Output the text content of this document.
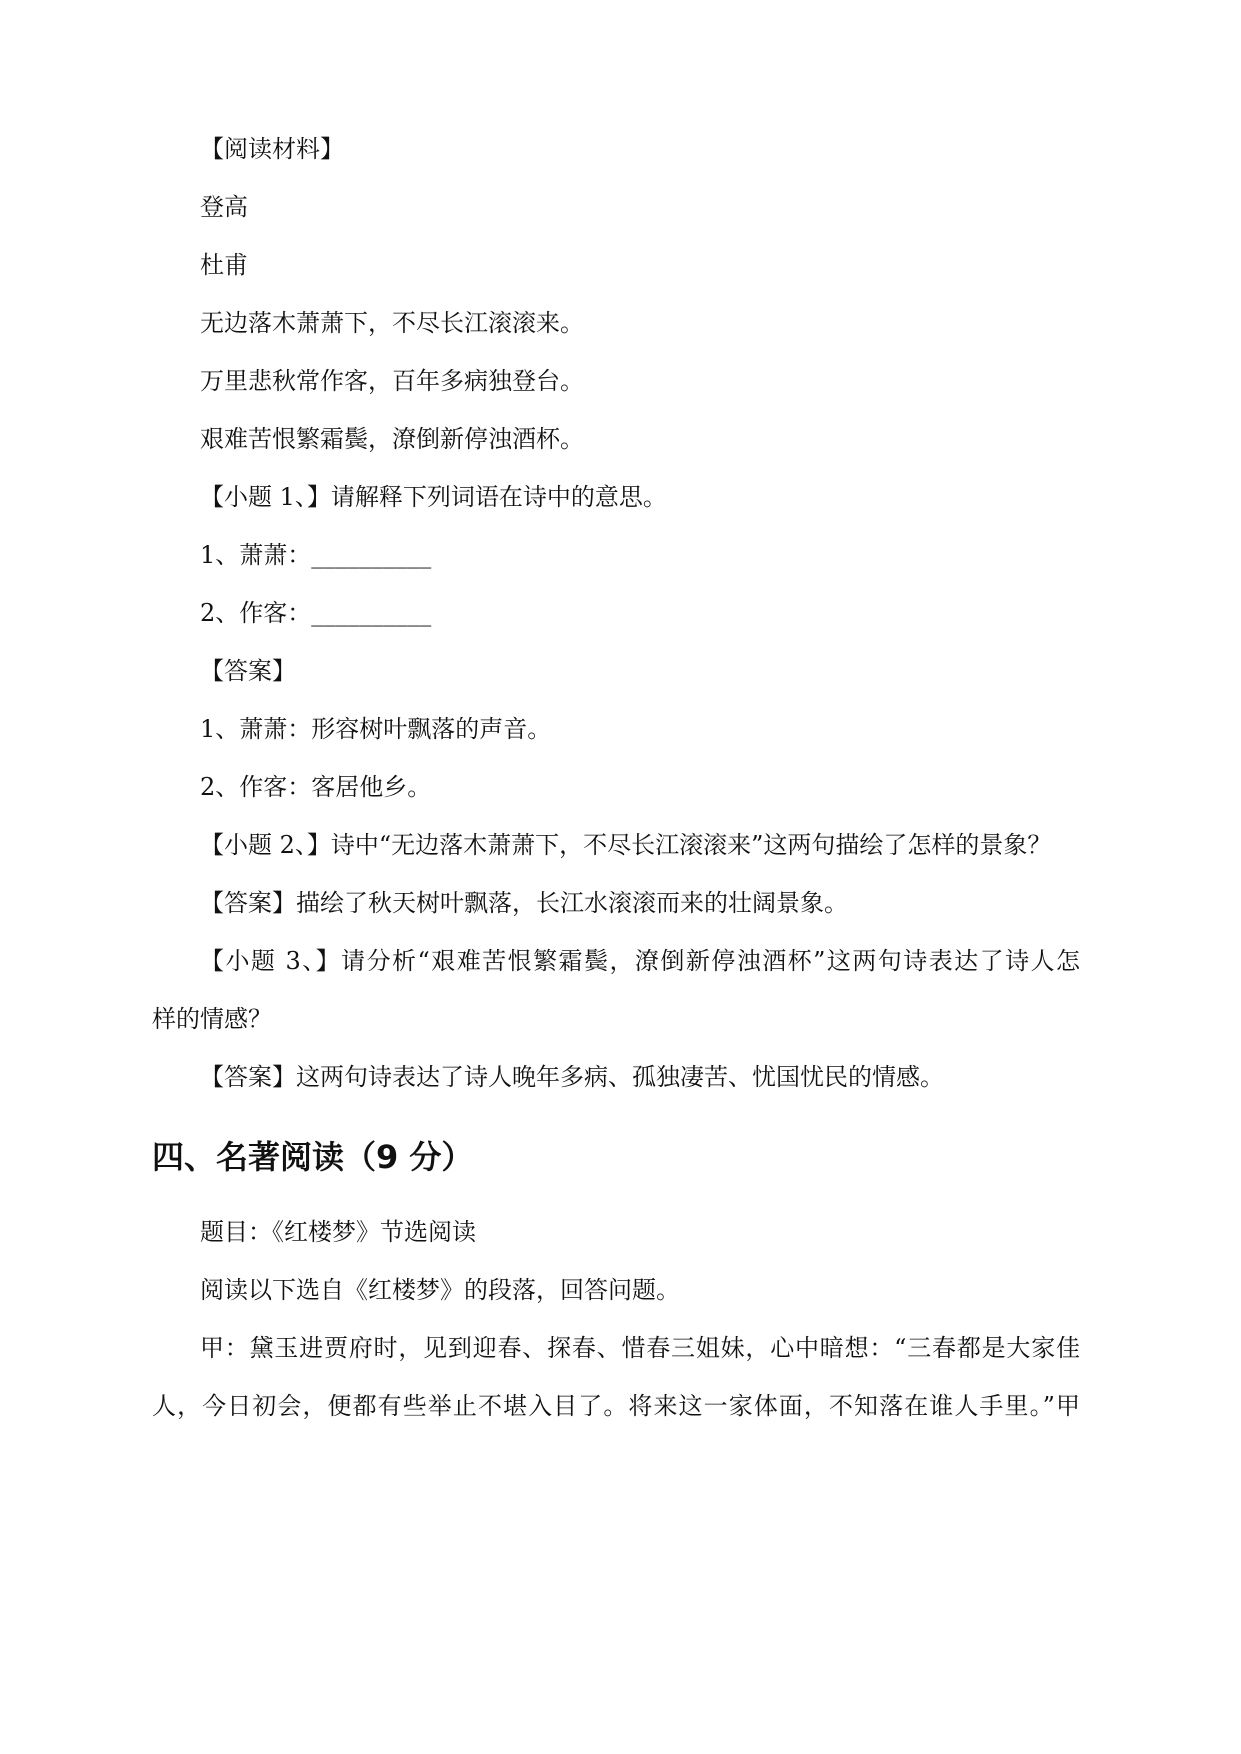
【阅读材料】

登高

杜甫

无边落木萧萧下，不尽长江滚滚来。

万里悲秋常作客，百年多病独登台。

艰难苦恨繁霜鬓，潦倒新停浊酒杯。

【小题 1、】请解释下列词语在诗中的意思。

1、萧萧：__________

2、作客：__________

【答案】

1、萧萧：形容树叶飘落的声音。

2、作客：客居他乡。

【小题 2、】诗中“无边落木萧萧下，不尽长江滚滚来”这两句描绘了怎样的景象？

【答案】描绘了秋天树叶飘落，长江水滚滚而来的壮阔景象。

【小题 3、】请分析“艰难苦恨繁霜鬓，潦倒新停浊酒杯”这两句诗表达了诗人怎

样的情感？

【答案】这两句诗表达了诗人晚年多病、孤独凄苦、忧国忧民的情感。

四、名著阅读（9 分）

题目：《红楼梦》节选阅读

阅读以下选自《红楼梦》的段落，回答问题。

甲：黛玉进贾府时，见到迎春、探春、惜春三姐妹，心中暗想：“三春都是大家佳

人，今日初会，便都有些举止不堪入目了。将来这一家体面，不知落在谁人手里。”甲
